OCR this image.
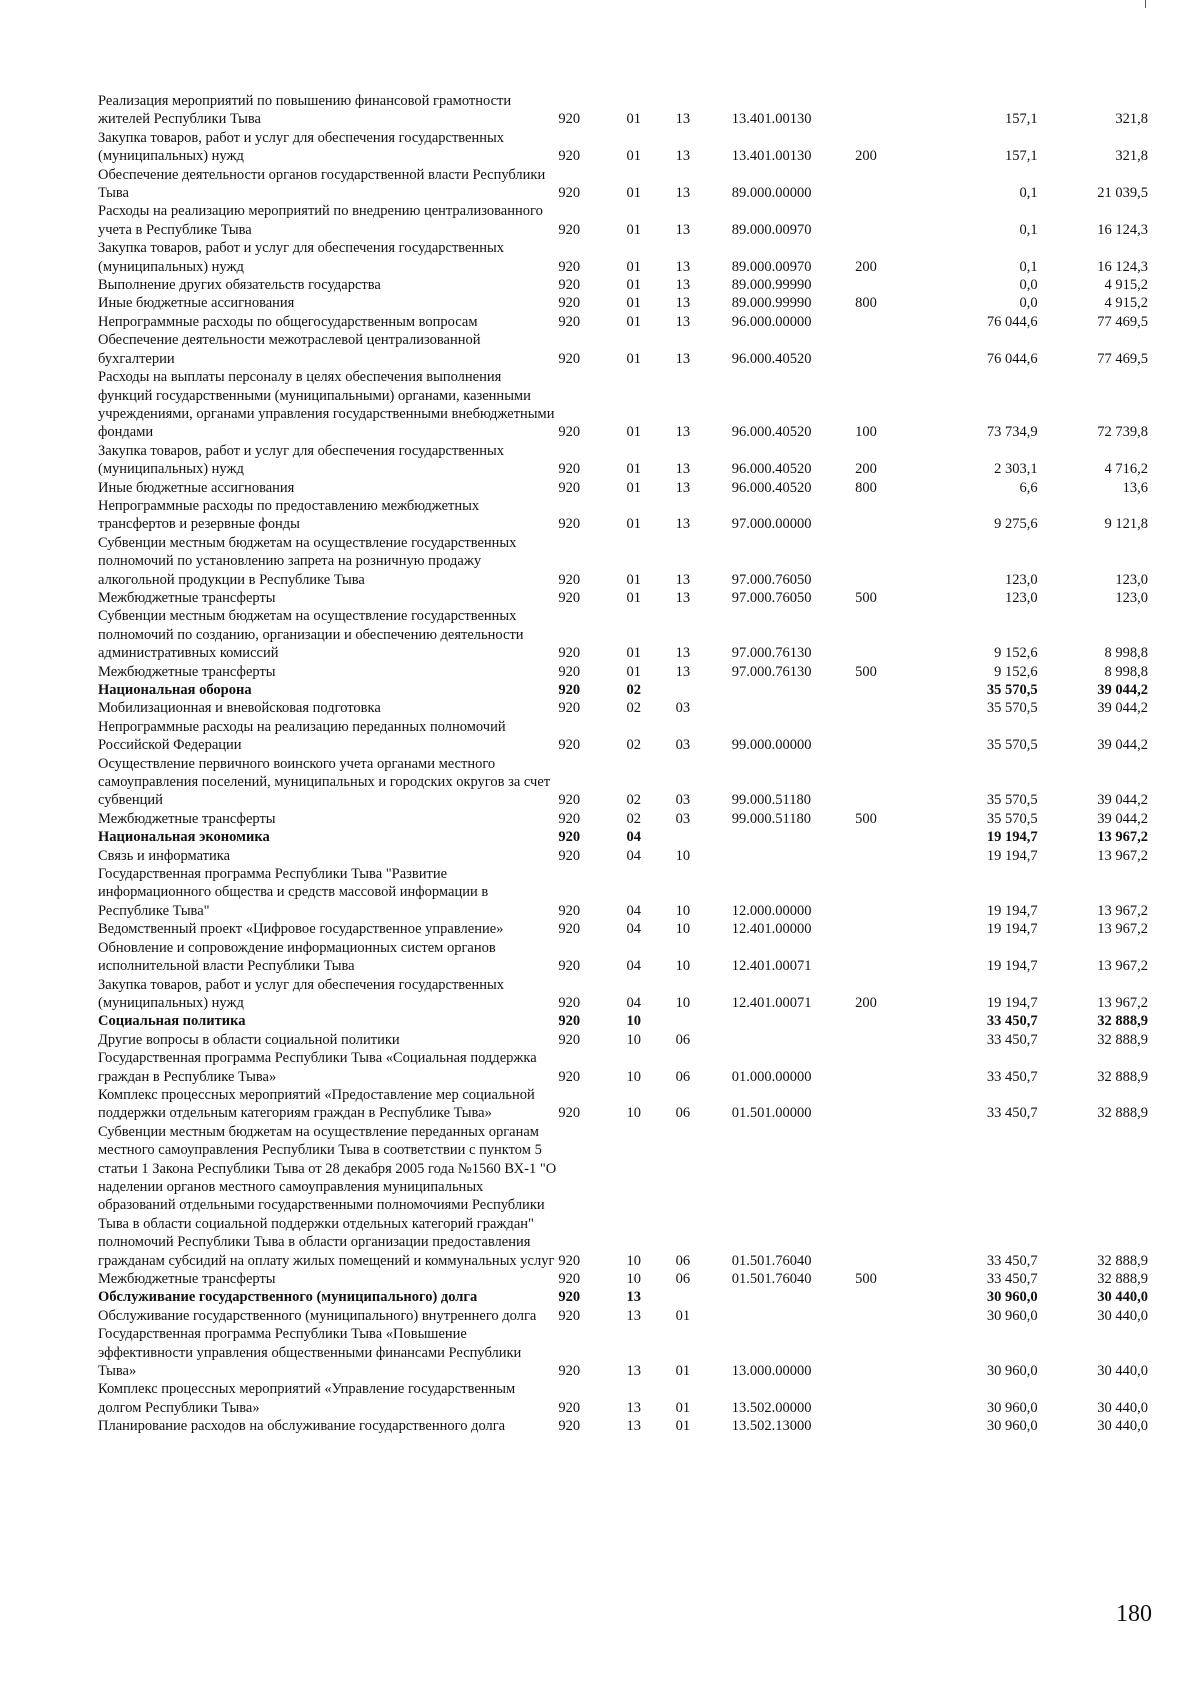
Реализация мероприятий по повышению финансовой грамотности жителей Республики Тыва	920	01	13	13.401.00130		157,1	321,8
Закупка товаров, работ и услуг для обеспечения государственных (муниципальных) нужд	920	01	13	13.401.00130	200	157,1	321,8
Обеспечение деятельности органов государственной власти Республики Тыва	920	01	13	89.000.00000		0,1	21 039,5
Расходы на реализацию мероприятий по внедрению централизованного учета в Республике Тыва	920	01	13	89.000.00970		0,1	16 124,3
Закупка товаров, работ и услуг для обеспечения государственных (муниципальных) нужд	920	01	13	89.000.00970	200	0,1	16 124,3
Выполнение других обязательств государства	920	01	13	89.000.99990		0,0	4 915,2
Иные бюджетные ассигнования	920	01	13	89.000.99990	800	0,0	4 915,2
Непрограммные расходы по общегосударственным вопросам	920	01	13	96.000.00000		76 044,6	77 469,5
Обеспечение деятельности межотраслевой централизованной бухгалтерии	920	01	13	96.000.40520		76 044,6	77 469,5
Расходы на выплаты персоналу в целях обеспечения выполнения функций государственными (муниципальными) органами, казенными учреждениями, органами управления государственными внебюджетными фондами	920	01	13	96.000.40520	100	73 734,9	72 739,8
Закупка товаров, работ и услуг для обеспечения государственных (муниципальных) нужд	920	01	13	96.000.40520	200	2 303,1	4 716,2
Иные бюджетные ассигнования	920	01	13	96.000.40520	800	6,6	13,6
Непрограммные расходы по предоставлению межбюджетных трансфертов и резервные фонды	920	01	13	97.000.00000		9 275,6	9 121,8
Субвенции местным бюджетам на осуществление государственных полномочий по установлению запрета на розничную продажу алкогольной продукции в Республике Тыва	920	01	13	97.000.76050		123,0	123,0
Межбюджетные трансферты	920	01	13	97.000.76050	500	123,0	123,0
Субвенции местным бюджетам на осуществление государственных полномочий по созданию, организации и обеспечению деятельности административных комиссий	920	01	13	97.000.76130		9 152,6	8 998,8
Межбюджетные трансферты	920	01	13	97.000.76130	500	9 152,6	8 998,8
Национальная оборона	920	02				35 570,5	39 044,2
Мобилизационная и вневойсковая подготовка	920	02	03			35 570,5	39 044,2
Непрограммные расходы на реализацию переданных полномочий Российской Федерации	920	02	03	99.000.00000		35 570,5	39 044,2
Осуществление первичного воинского учета органами местного самоуправления поселений, муниципальных и городских округов за счет субвенций	920	02	03	99.000.51180		35 570,5	39 044,2
Межбюджетные трансферты	920	02	03	99.000.51180	500	35 570,5	39 044,2
Национальная экономика	920	04				19 194,7	13 967,2
Связь и информатика	920	04	10			19 194,7	13 967,2
Государственная программа Республики Тыва "Развитие информационного общества и средств массовой информации в Республике Тыва"	920	04	10	12.000.00000		19 194,7	13 967,2
Ведомственный проект «Цифровое государственное управление»	920	04	10	12.401.00000		19 194,7	13 967,2
Обновление и сопровождение информационных систем органов исполнительной власти Республики Тыва	920	04	10	12.401.00071		19 194,7	13 967,2
Закупка товаров, работ и услуг для обеспечения государственных (муниципальных) нужд	920	04	10	12.401.00071	200	19 194,7	13 967,2
Социальная политика	920	10				33 450,7	32 888,9
Другие вопросы в области социальной политики	920	10	06			33 450,7	32 888,9
Государственная программа Республики Тыва «Социальная поддержка граждан в Республике Тыва»	920	10	06	01.000.00000		33 450,7	32 888,9
Комплекс процессных мероприятий «Предоставление мер социальной поддержки отдельным категориям граждан в Республике Тыва»	920	10	06	01.501.00000		33 450,7	32 888,9
Субвенции местным бюджетам на осуществление переданных органам местного самоуправления Республики Тыва в соответствии с пунктом 5 статьи 1 Закона Республики Тыва от 28 декабря 2005 года №1560 ВХ-1 "О наделении органов местного самоуправления муниципальных образований отдельными государственными полномочиями Республики Тыва в области социальной поддержки отдельных категорий граждан" полномочий Республики Тыва в области организации предоставления гражданам субсидий на оплату жилых помещений и коммунальных услуг	920	10	06	01.501.76040		33 450,7	32 888,9
Межбюджетные трансферты	920	10	06	01.501.76040	500	33 450,7	32 888,9
Обслуживание государственного (муниципального) долга	920	13				30 960,0	30 440,0
Обслуживание государственного (муниципального) внутреннего долга	920	13	01			30 960,0	30 440,0
Государственная программа Республики Тыва «Повышение эффективности управления общественными финансами Республики Тыва»	920	13	01	13.000.00000		30 960,0	30 440,0
Комплекс процессных мероприятий «Управление государственным долгом Республики Тыва»	920	13	01	13.502.00000		30 960,0	30 440,0
Планирование расходов на обслуживание государственного долга	920	13	01	13.502.13000		30 960,0	30 440,0
180
